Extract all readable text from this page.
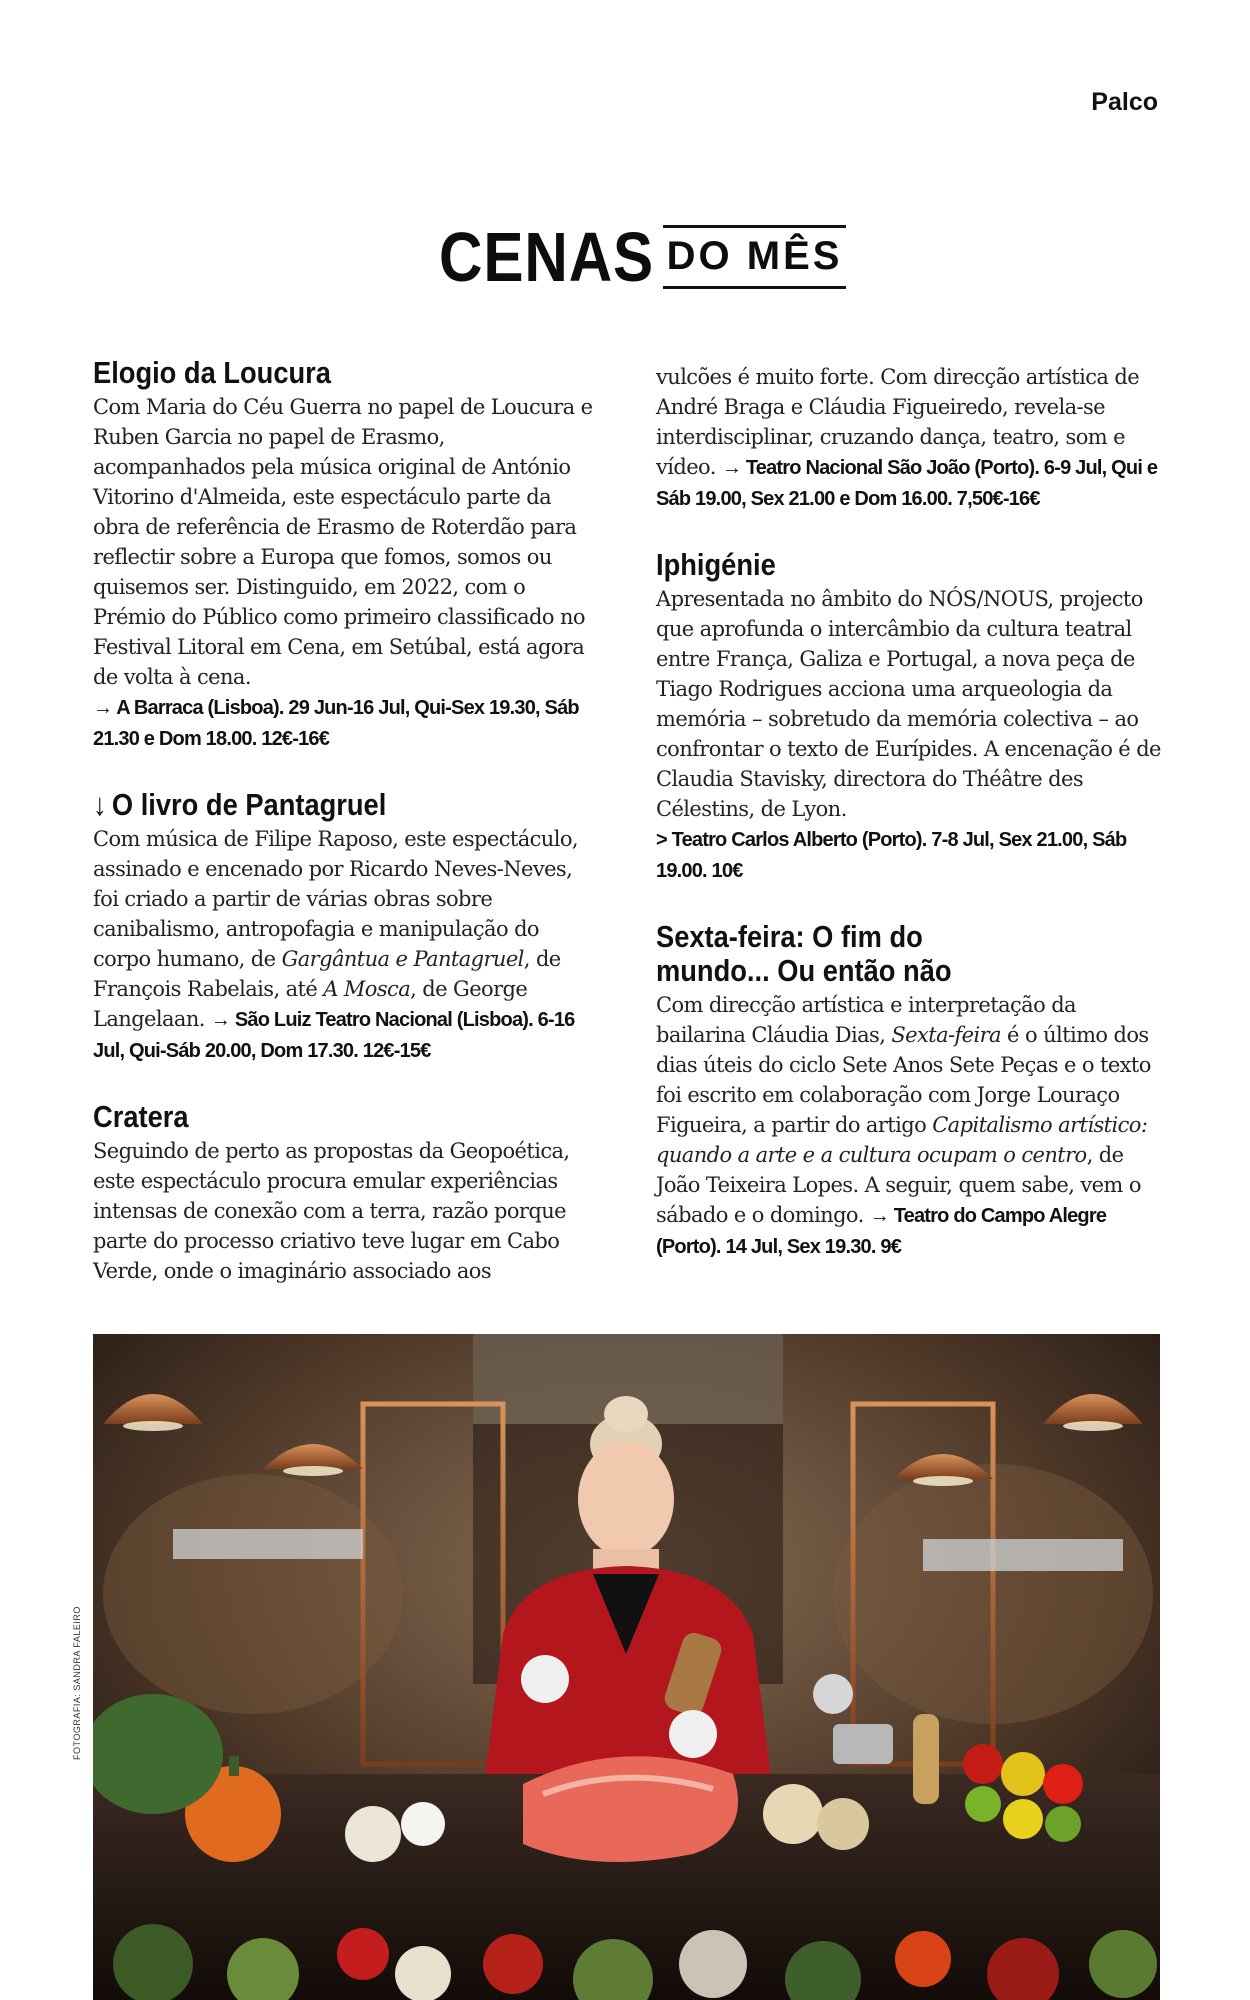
Palco
CENAS DO MÊS
Elogio da Loucura

Com Maria do Céu Guerra no papel de Loucura e Ruben Garcia no papel de Erasmo, acompanhados pela música original de António Vitorino d'Almeida, este espectáculo parte da obra de referência de Erasmo de Roterdão para reflectir sobre a Europa que fomos, somos ou quisemos ser. Distinguido, em 2022, com o Prémio do Público como primeiro classificado no Festival Litoral em Cena, em Setúbal, está agora de volta à cena.
→ A Barraca (Lisboa). 29 Jun-16 Jul, Qui-Sex 19.30, Sáb 21.30 e Dom 18.00. 12€-16€

↓ O livro de Pantagruel

Com música de Filipe Raposo, este espectáculo, assinado e encenado por Ricardo Neves-Neves, foi criado a partir de várias obras sobre canibalismo, antropofagia e manipulação do corpo humano, de Gargântua e Pantagruel, de François Rabelais, até A Mosca, de George Langelaan. → São Luiz Teatro Nacional (Lisboa). 6-16 Jul, Qui-Sáb 20.00, Dom 17.30. 12€-15€

Cratera

Seguindo de perto as propostas da Geopoética, este espectáculo procura emular experiências intensas de conexão com a terra, razão porque parte do processo criativo teve lugar em Cabo Verde, onde o imaginário associado aos

vulcões é muito forte. Com direcção artística de André Braga e Cláudia Figueiredo, revela-se interdisciplinar, cruzando dança, teatro, som e vídeo. → Teatro Nacional São João (Porto). 6-9 Jul, Qui e Sáb 19.00, Sex 21.00 e Dom 16.00. 7,50€-16€

Iphigénie

Apresentada no âmbito do NÓS/NOUS, projecto que aprofunda o intercâmbio da cultura teatral entre França, Galiza e Portugal, a nova peça de Tiago Rodrigues acciona uma arqueologia da memória – sobretudo da memória colectiva – ao confrontar o texto de Eurípides. A encenação é de Claudia Stavisky, directora do Théâtre des Célestins, de Lyon.
> Teatro Carlos Alberto (Porto). 7-8 Jul, Sex 21.00, Sáb 19.00. 10€

Sexta-feira: O fim do mundo... Ou então não

Com direcção artística e interpretação da bailarina Cláudia Dias, Sexta-feira é o último dos dias úteis do ciclo Sete Anos Sete Peças e o texto foi escrito em colaboração com Jorge Louraço Figueira, a partir do artigo Capitalismo artístico: quando a arte e a cultura ocupam o centro, de João Teixeira Lopes. A seguir, quem sabe, vem o sábado e o domingo. → Teatro do Campo Alegre (Porto). 14 Jul, Sex 19.30. 9€

FOTOGRAFIA: SANDRA FALEIRO
